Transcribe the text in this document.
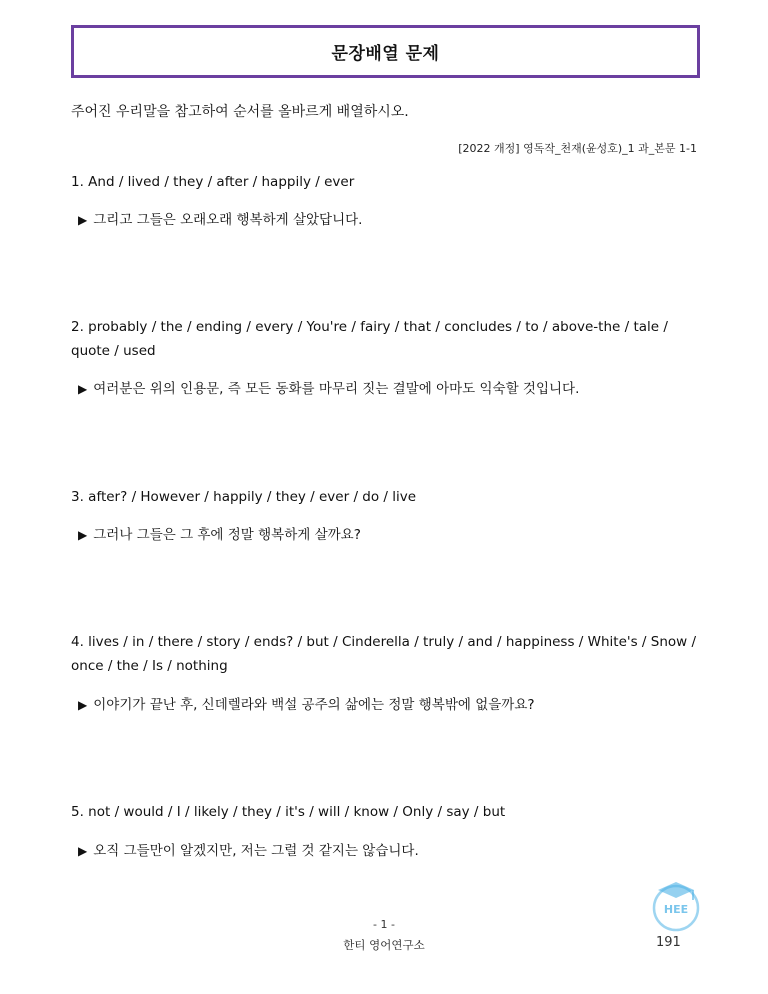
문장배열 문제
주어진 우리말을 참고하여 순서를 올바르게 배열하시오.
[2022 개정] 영독작_천재(윤성호)_1 과_본문 1-1
1. And / lived / they / after / happily / ever
▶ 그리고 그들은 오래오래 행복하게 살았답니다.
2. probably / the / ending / every / You're / fairy / that / concludes / to / above-the / tale / quote / used
▶ 여러분은 위의 인용문, 즉 모든 동화를 마무리 짓는 결말에 아마도 익숙할 것입니다.
3. after? / However / happily / they / ever / do / live
▶ 그러나 그들은 그 후에 정말 행복하게 살까요?
4. lives / in / there / story / ends? / but / Cinderella / truly / and / happiness / White's / Snow / once / the / Is / nothing
▶ 이야기가 끝난 후, 신데렐라와 백설 공주의 삶에는 정말 행복밖에 없을까요?
5. not / would / I / likely / they / it's / will / know / Only / say / but
▶ 오직 그들만이 알겠지만, 저는 그럴 것 같지는 않습니다.
HEE
- 1 -
한티 영어연구소	191
